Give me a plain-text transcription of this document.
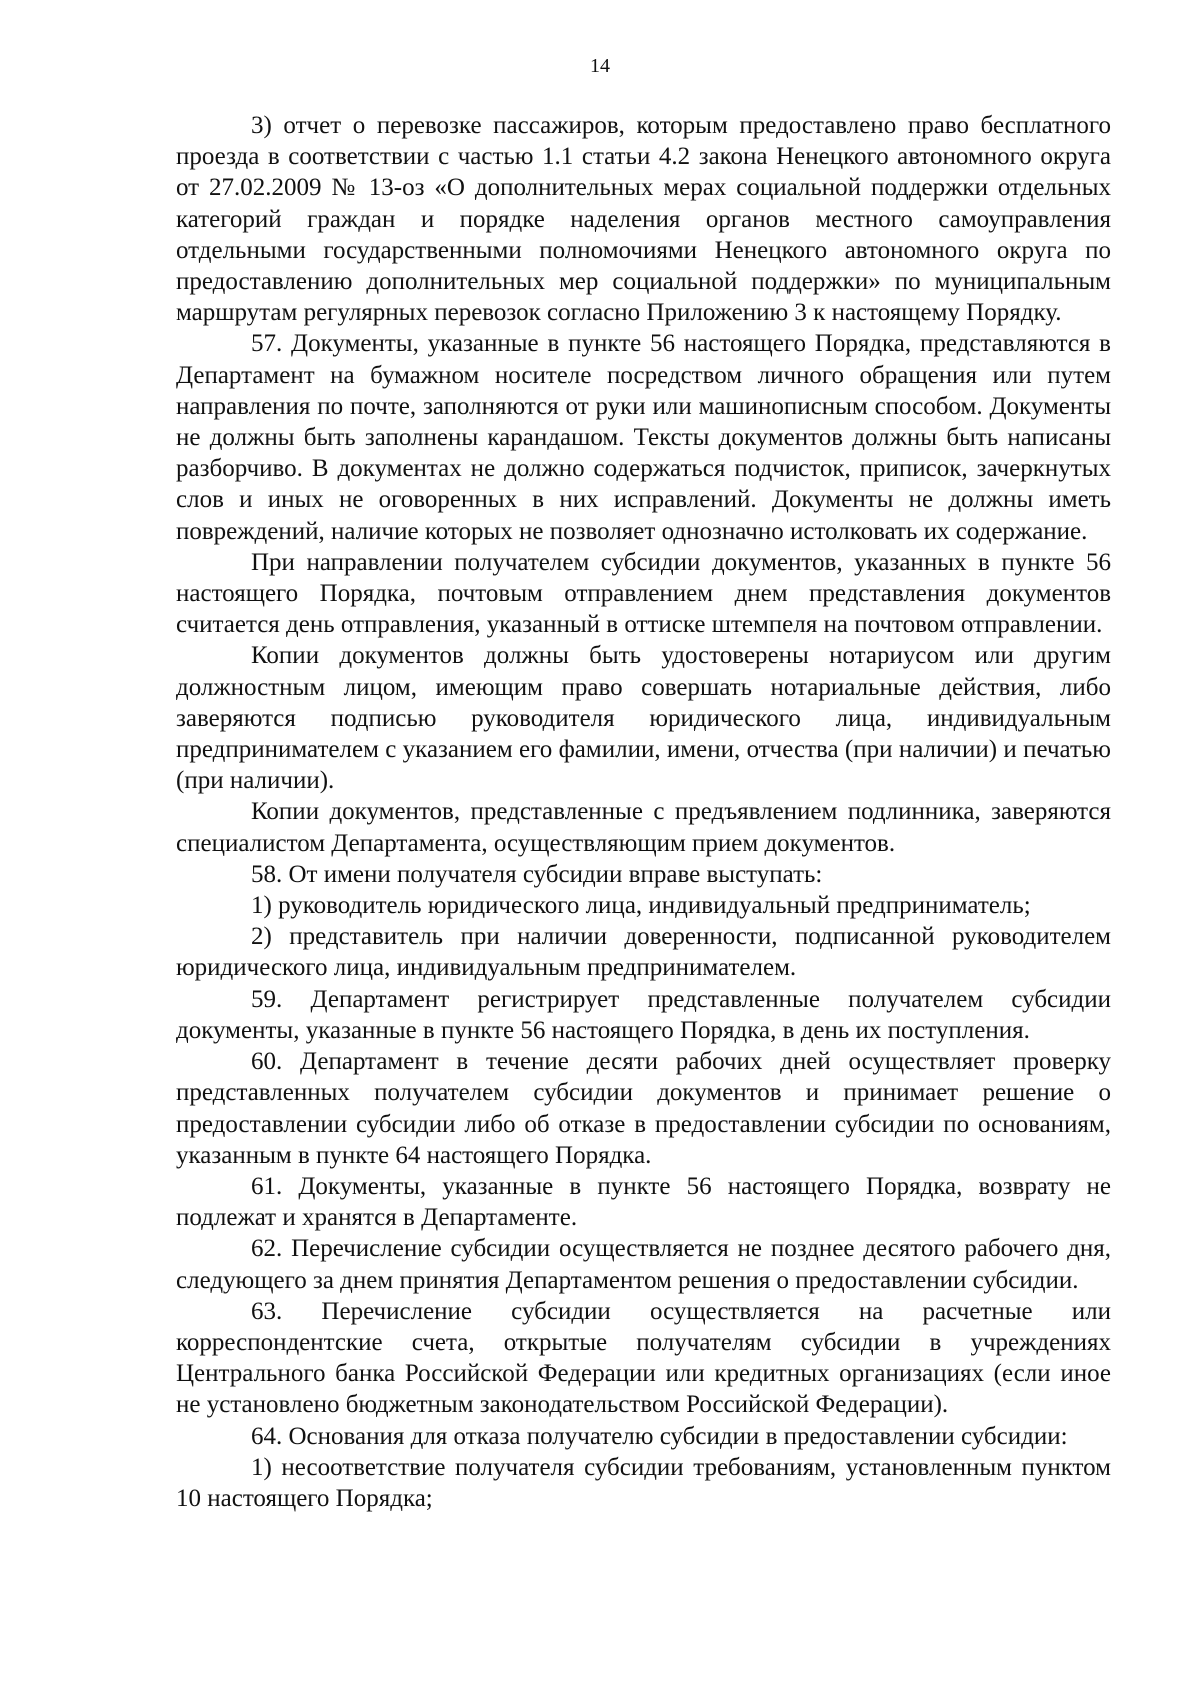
14

3) отчет о перевозке пассажиров, которым предоставлено право бесплатного проезда в соответствии с частью 1.1 статьи 4.2 закона Ненецкого автономного округа от 27.02.2009 № 13-оз «О дополнительных мерах социальной поддержки отдельных категорий граждан и порядке наделения органов местного самоуправления отдельными государственными полномочиями Ненецкого автономного округа по предоставлению дополнительных мер социальной поддержки» по муниципальным маршрутам регулярных перевозок согласно Приложению 3 к настоящему Порядку.

57. Документы, указанные в пункте 56 настоящего Порядка, представляются в Департамент на бумажном носителе посредством личного обращения или путем направления по почте, заполняются от руки или машинописным способом. Документы не должны быть заполнены карандашом. Тексты документов должны быть написаны разборчиво. В документах не должно содержаться подчисток, приписок, зачеркнутых слов и иных не оговоренных в них исправлений. Документы не должны иметь повреждений, наличие которых не позволяет однозначно истолковать их содержание.

При направлении получателем субсидии документов, указанных в пункте 56 настоящего Порядка, почтовым отправлением днем представления документов считается день отправления, указанный в оттиске штемпеля на почтовом отправлении.

Копии документов должны быть удостоверены нотариусом или другим должностным лицом, имеющим право совершать нотариальные действия, либо заверяются подписью руководителя юридического лица, индивидуальным предпринимателем с указанием его фамилии, имени, отчества (при наличии) и печатью (при наличии).

Копии документов, представленные с предъявлением подлинника, заверяются специалистом Департамента, осуществляющим прием документов.

58. От имени получателя субсидии вправе выступать:

1) руководитель юридического лица, индивидуальный предприниматель;

2) представитель при наличии доверенности, подписанной руководителем юридического лица, индивидуальным предпринимателем.

59. Департамент регистрирует представленные получателем субсидии документы, указанные в пункте 56 настоящего Порядка, в день их поступления.

60. Департамент в течение десяти рабочих дней осуществляет проверку представленных получателем субсидии документов и принимает решение о предоставлении субсидии либо об отказе в предоставлении субсидии по основаниям, указанным в пункте 64 настоящего Порядка.

61. Документы, указанные в пункте 56 настоящего Порядка, возврату не подлежат и хранятся в Департаменте.

62. Перечисление субсидии осуществляется не позднее десятого рабочего дня, следующего за днем принятия Департаментом решения о предоставлении субсидии.

63. Перечисление субсидии осуществляется на расчетные или корреспондентские счета, открытые получателям субсидии в учреждениях Центрального банка Российской Федерации или кредитных организациях (если иное не установлено бюджетным законодательством Российской Федерации).

64. Основания для отказа получателю субсидии в предоставлении субсидии:

1) несоответствие получателя субсидии требованиям, установленным пунктом 10 настоящего Порядка;
